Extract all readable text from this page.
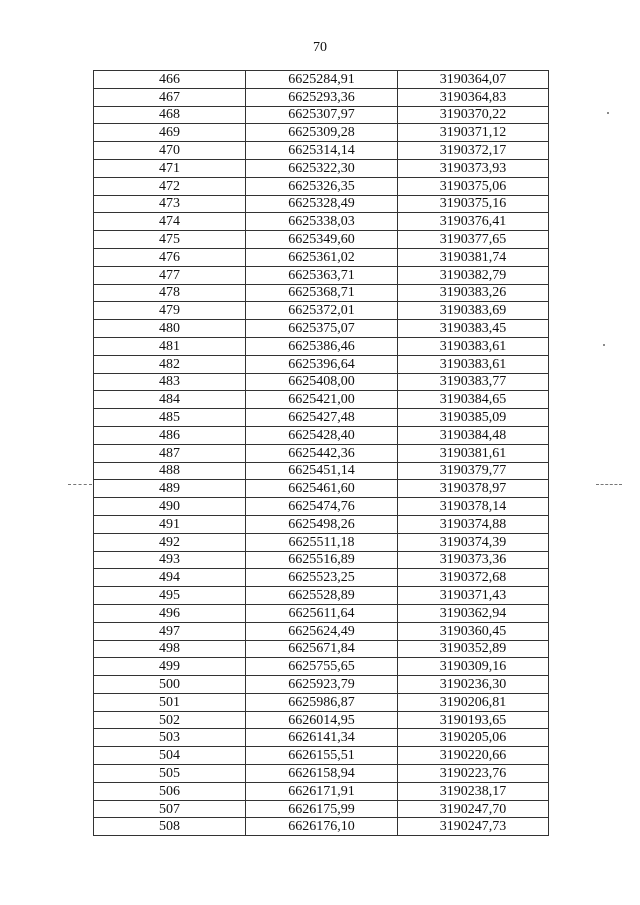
70
466	6625284,91	3190364,07
467	6625293,36	3190364,83
468	6625307,97	3190370,22
469	6625309,28	3190371,12
470	6625314,14	3190372,17
471	6625322,30	3190373,93
472	6625326,35	3190375,06
473	6625328,49	3190375,16
474	6625338,03	3190376,41
475	6625349,60	3190377,65
476	6625361,02	3190381,74
477	6625363,71	3190382,79
478	6625368,71	3190383,26
479	6625372,01	3190383,69
480	6625375,07	3190383,45
481	6625386,46	3190383,61
482	6625396,64	3190383,61
483	6625408,00	3190383,77
484	6625421,00	3190384,65
485	6625427,48	3190385,09
486	6625428,40	3190384,48
487	6625442,36	3190381,61
488	6625451,14	3190379,77
489	6625461,60	3190378,97
490	6625474,76	3190378,14
491	6625498,26	3190374,88
492	6625511,18	3190374,39
493	6625516,89	3190373,36
494	6625523,25	3190372,68
495	6625528,89	3190371,43
496	6625611,64	3190362,94
497	6625624,49	3190360,45
498	6625671,84	3190352,89
499	6625755,65	3190309,16
500	6625923,79	3190236,30
501	6625986,87	3190206,81
502	6626014,95	3190193,65
503	6626141,34	3190205,06
504	6626155,51	3190220,66
505	6626158,94	3190223,76
506	6626171,91	3190238,17
507	6626175,99	3190247,70
508	6626176,10	3190247,73
